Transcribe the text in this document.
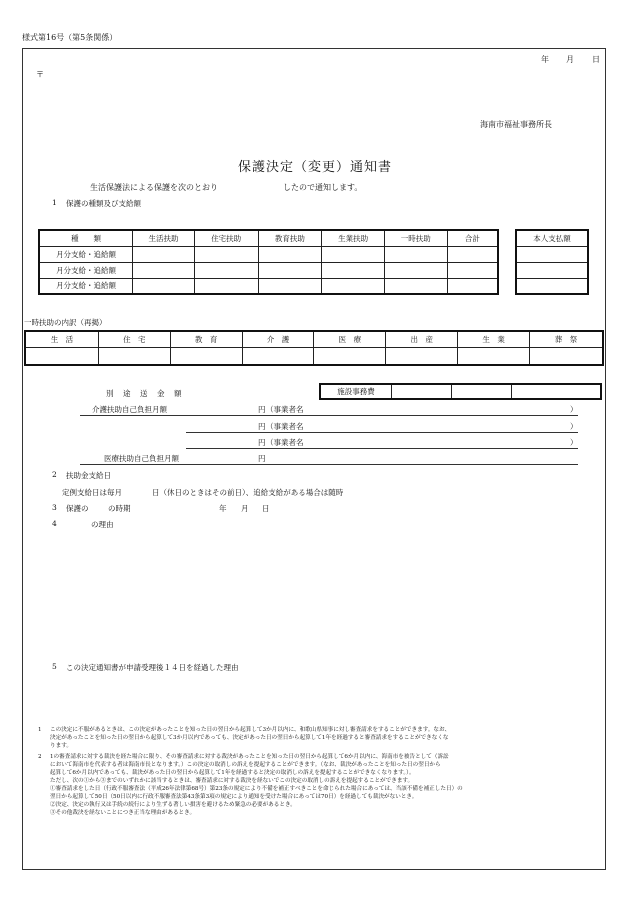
様式第16号（第5条関係）
年 月 日
〒
海南市福祉事務所長
保護決定（変更）通知書
生活保護法による保護を次のとおり	したので通知します。
1 保護の種類及び支給額
種　　類	生活扶助	住宅扶助	教育扶助	生業扶助	一時扶助	合計
月分支給・追給額						
月分支給・追給額						
月分支給・追給額						
本人支払額

一時扶助の内訳（再掲）
生　活	住　宅	教　育	介　護	医　療	出　産	生　業	葬　祭

別　途　送　金　額	施設事務費			
介護扶助自己負担月額	円 （事業者名	）
円 （事業者名	）
円 （事業者名	）
医療扶助自己負担月額	円
2 扶助金支給日
定例支給日は毎月	日（休日のときはその前日）、追給支給がある場合は随時
3 保護の	の時期	年 月 日
4	の理由
5 この決定通知書が申請受理後１４日を経過した理由
1	この決定に不服があるときは、この決定があったことを知った日の翌日から起算して3か月以内に、和歌山県知事に対し審査請求をすることができます。なお、
決定があったことを知った日の翌日から起算して3か月以内であっても、決定があった日の翌日から起算して1年を経過すると審査請求をすることができなくな
ります。
2	1の審査請求に対する裁決を経た場合に限り、その審査請求に対する裁決があったことを知った日の翌日から起算して6か月以内に、海南市を被告として（訴訟
において海南市を代表する者は海南市長となります。）この決定の取消しの訴えを提起することができます。（なお、裁決があったことを知った日の翌日から
起算して6か月以内であっても、裁決があった日の翌日から起算して1年を経過すると決定の取消しの訴えを提起することができなくなります。）。
ただし、次の①から③までのいずれかに該当するときは、審査請求に対する裁決を経ないでこの決定の取消しの訴えを提起することができます。
①審査請求をした日（行政不服審査法（平成26年法律第68号）第23条の規定により不備を補正すべきことを命じられた場合にあっては、当該不備を補正した日）の
翌日から起算して50日（50日以内に行政不服審査法第43条第3項の規定により通知を受けた場合にあっては70日）を経過しても裁決がないとき。
②決定、決定の執行又は手続の続行により生ずる著しい損害を避けるため緊急の必要があるとき。
③その他裁決を経ないことにつき正当な理由があるとき。
